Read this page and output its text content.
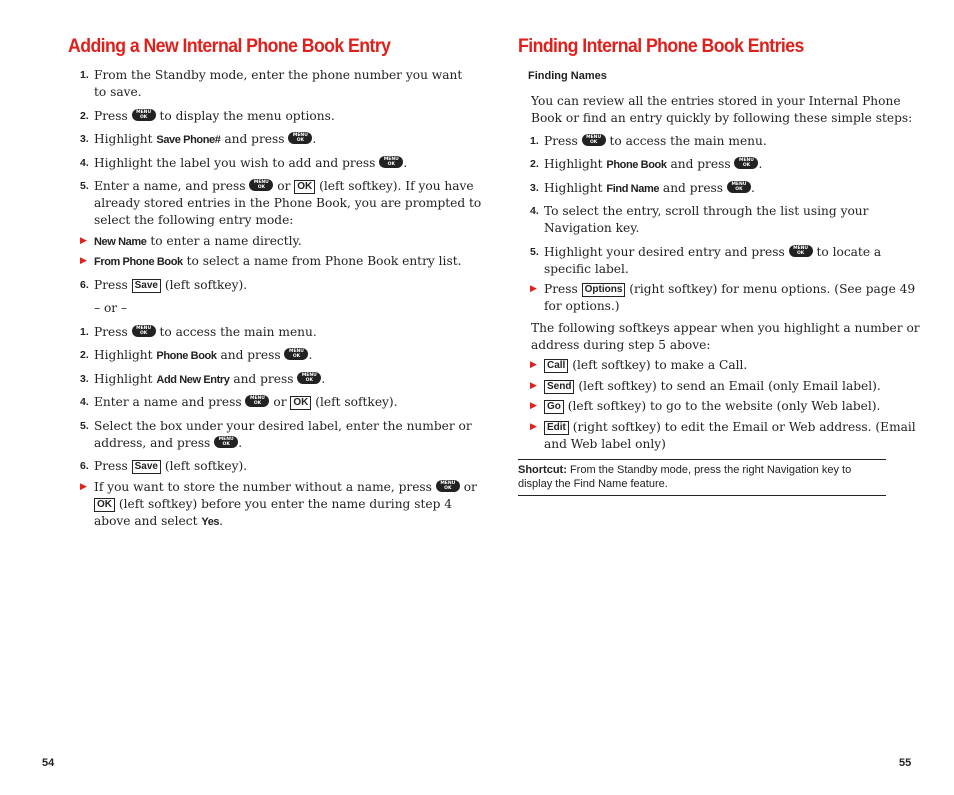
Adding a New Internal Phone Book Entry
1. From the Standby mode, enter the phone number you want
to save.
2. Press MENU OK	to display the menu options.
3. Highlight Save Phone# and press MENU OK .
4. Highlight the label you wish to add and press MENU OK .
5. Enter a name, and press MENU OK	or OK (left softkey). If you have
already stored entries in the Phone Book, you are prompted to
select the following entry mode:
▶ New Name to enter a name directly.
▶ From Phone Book to select a name from Phone Book entry list.
6. Press Save (left softkey).
– or –
1. Press MENU OK	to access the main menu.
2. Highlight Phone Book and press MENU OK .
3. Highlight Add New Entry and press MENU OK .
4. Enter a name and press MENU OK	or OK (left softkey).
5. Select the box under your desired label, enter the number or
address, and press MENU OK .
6. Press Save (left softkey).
▶ If you want to store the number without a name, press MENU OK	or
OK (left softkey) before you enter the name during step 4
above and select Yes.
54
Finding Internal Phone Book Entries
Finding Names
You can review all the entries stored in your Internal Phone
Book or find an entry quickly by following these simple steps:
1. Press MENU OK	to access the main menu.
2. Highlight Phone Book and press MENU OK .
3. Highlight Find Name and press MENU OK .
4. To select the entry, scroll through the list using your
Navigation key.
5. Highlight your desired entry and press MENU OK	to locate a
specific label.
▶ Press Options (right softkey) for menu options. (See page 49
for options.)
The following softkeys appear when you highlight a number or
address during step 5 above:
▶ Call (left softkey) to make a Call.
▶ Send (left softkey) to send an Email (only Email label).
▶ Go (left softkey) to go to the website (only Web label).
▶ Edit (right softkey) to edit the Email or Web address. (Email
and Web label only)
Shortcut: From the Standby mode, press the right Navigation key to
display the Find Name feature.
55
